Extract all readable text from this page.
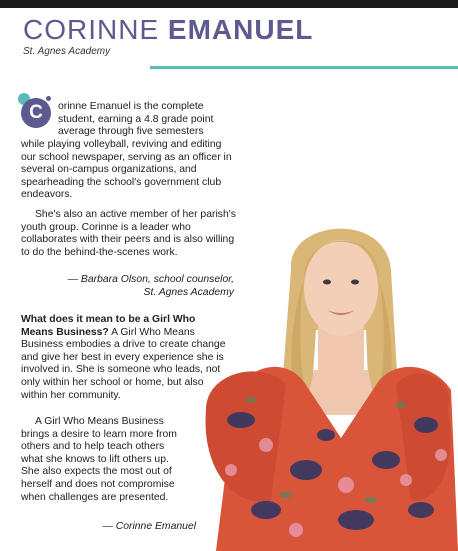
CORINNE EMANUEL
St. Agnes Academy
C	orinne Emanuel is the complete
student, earning a 4.8 grade point
average through five semesters
while playing volleyball, reviving and editing our school newspaper, serving as an officer in several on-campus organizations, and spearheading the school's government club endeavors.
She's also an active member of her parish's youth group. Corinne is a leader who collaborates with their peers and is also willing to do the behind-the-scenes work.
— Barbara Olson, school counselor,
St. Agnes Academy
What does it mean to be a Girl Who Means Business? A Girl Who Means Business embodies a drive to create change and give her best in every experience she is involved in. She is someone who leads, not only within her school or home, but also within her community.
A Girl Who Means Business brings a desire to learn more from others and to help teach others what she knows to lift others up. She also expects the most out of herself and does not compromise when challenges are presented.
— Corinne Emanuel
